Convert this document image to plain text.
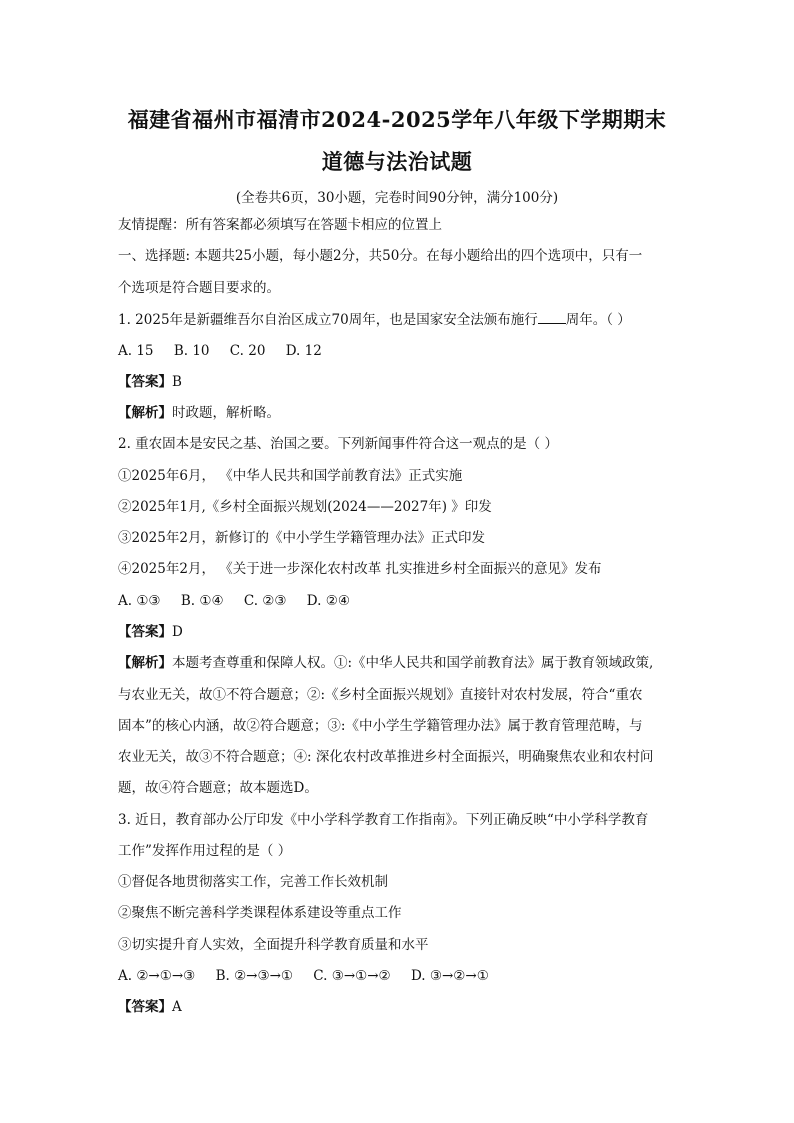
福建省福州市福清市2024-2025学年八年级下学期期末
道德与法治试题
(全卷共6页，30小题，完卷时间90分钟，满分100分)
友情提醒：所有答案都必须填写在答题卡相应的位置上
一、选择题: 本题共25小题，每小题2分，共50分。在每小题给出的四个选项中，只有一
个选项是符合题目要求的。
1. 2025年是新疆维吾尔自治区成立70周年，也是国家安全法颁布施行 周年。（ ）
A. 15 B. 10 C. 20 D. 12
【答案】B
【解析】时政题，解析略。
2. 重农固本是安民之基、治国之要。下列新闻事件符合这一观点的是（ ）
①2025年6月， 《中华人民共和国学前教育法》正式实施
②2025年1月,《乡村全面振兴规划(2024——2027年) 》印发
③2025年2月，新修订的《中小学生学籍管理办法》正式印发
④2025年2月， 《关于进一步深化农村改革 扎实推进乡村全面振兴的意见》发布
A. ①③ B. ①④ C. ②③ D. ②④
【答案】D
【解析】本题考查尊重和保障人权。①:《中华人民共和国学前教育法》属于教育领域政策,
与农业无关，故①不符合题意；②:《乡村全面振兴规划》直接针对农村发展，符合“重农
固本”的核心内涵，故②符合题意；③:《中小学生学籍管理办法》属于教育管理范畴，与
农业无关，故③不符合题意；④: 深化农村改革推进乡村全面振兴，明确聚焦农业和农村问
题，故④符合题意；故本题选D。
3. 近日，教育部办公厅印发《中小学科学教育工作指南》。下列正确反映“中小学科学教育
工作”发挥作用过程的是（ ）
①督促各地贯彻落实工作，完善工作长效机制
②聚焦不断完善科学类课程体系建设等重点工作
③切实提升育人实效，全面提升科学教育质量和水平
A. ②→①→③ B. ②→③→① C. ③→①→② D. ③→②→①
【答案】A
